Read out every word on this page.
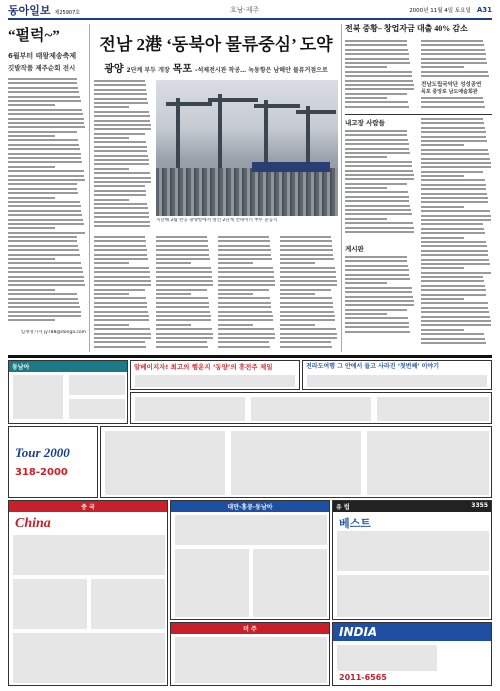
동아일보 제25907호	호남·제주	2000년 11월 4일 토요일 A31
“펄럭~”
6월부터 태왕제송축제
깃발작품 제주순회 전시
임재영기자 jy788@donga.com
전남 2港 ‘동북아 물류중심’ 도약
광양 2단계 부두 개장 목포 -석제전시관 착공… 녹동항은 남해안 물류거점으로
지난해 2월 완공 광양항에서 열린 2단계 컨테이너 부두 준공식
전북 중황– 창업자금 대출 40% 감소
전남도립국악단 성성공연
목포 중앙로 남도예술회관
내고장 사람들
게시판
동남아	알베이지자! 최고의 행운지 ‘동양’의 휴전주 제일	전라도여행 그 안에서 들고 사라진 ‘첫번째’ 이야기
Tour 2000
318-2000
중 국
China
대만·홍콩·동남아
미 주
유 럽	3355
베스트
INDIA
2011-6565
